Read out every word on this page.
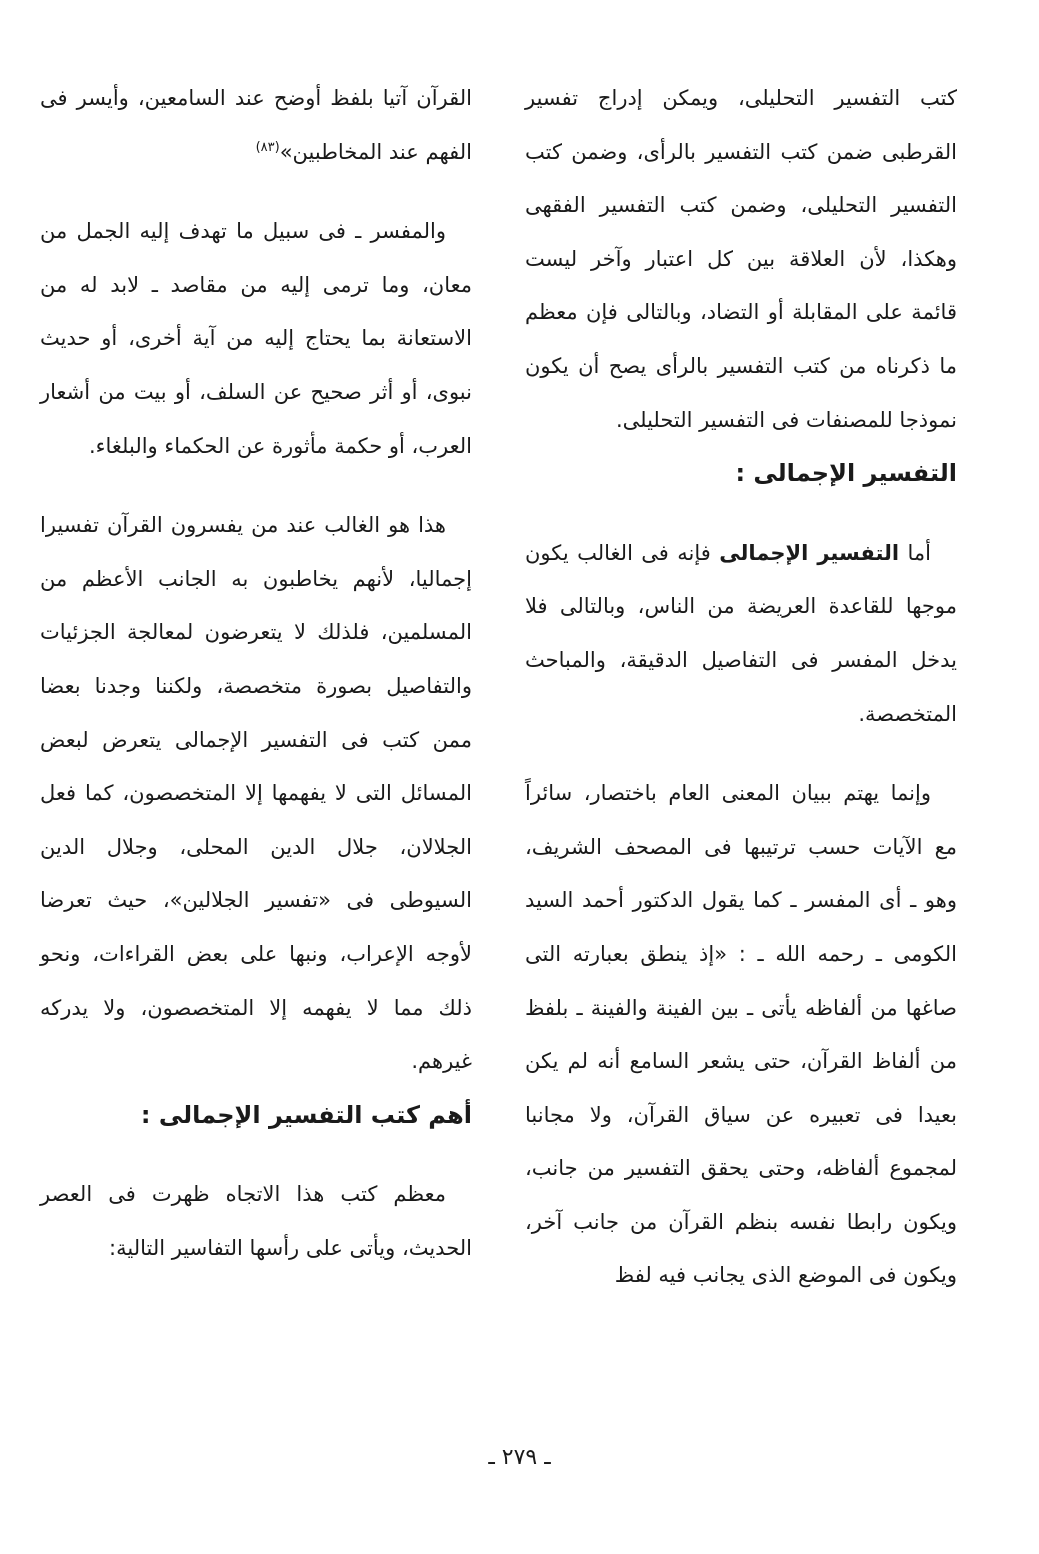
كتب التفسير التحليلى، ويمكن إدراج تفسير القرطبى ضمن كتب التفسير بالرأى، وضمن كتب التفسير التحليلى، وضمن كتب التفسير الفقهى وهكذا، لأن العلاقة بين كل اعتبار وآخر ليست قائمة على المقابلة أو التضاد، وبالتالى فإن معظم ما ذكرناه من كتب التفسير بالرأى يصح أن يكون نموذجا للمصنفات فى التفسير التحليلى.

التفسير الإجمالى :

أما التفسير الإجمالى فإنه فى الغالب يكون موجها للقاعدة العريضة من الناس، وبالتالى فلا يدخل المفسر فى التفاصيل الدقيقة، والمباحث المتخصصة.

وإنما يهتم ببيان المعنى العام باختصار، سائراً مع الآيات حسب ترتيبها فى المصحف الشريف، وهو ـ أى المفسر ـ كما يقول الدكتور أحمد السيد الكومى ـ رحمه الله ـ : «إذ ينطق بعبارته التى صاغها من ألفاظه يأتى ـ بين الفينة والفينة ـ بلفظ من ألفاظ القرآن، حتى يشعر السامع أنه لم يكن بعيدا فى تعبيره عن سياق القرآن، ولا مجانبا لمجموع ألفاظه، وحتى يحقق التفسير من جانب، ويكون رابطا نفسه بنظم القرآن من جانب آخر، ويكون فى الموضع الذى يجانب فيه لفظ

القرآن آتيا بلفظ أوضح عند السامعين، وأيسر فى الفهم عند المخاطبين»$^{(٨٣)}$

والمفسر ـ فى سبيل ما تهدف إليه الجمل من معان، وما ترمى إليه من مقاصد ـ لابد له من الاستعانة بما يحتاج إليه من آية أخرى، أو حديث نبوى، أو أثر صحيح عن السلف، أو بيت من أشعار العرب، أو حكمة مأثورة عن الحكماء والبلغاء.

هذا هو الغالب عند من يفسرون القرآن تفسيرا إجماليا، لأنهم يخاطبون به الجانب الأعظم من المسلمين، فلذلك لا يتعرضون لمعالجة الجزئيات والتفاصيل بصورة متخصصة، ولكننا وجدنا بعضا ممن كتب فى التفسير الإجمالى يتعرض لبعض المسائل التى لا يفهمها إلا المتخصصون، كما فعل الجلالان، جلال الدين المحلى، وجلال الدين السيوطى فى «تفسير الجلالين»، حيث تعرضا لأوجه الإعراب، ونبها على بعض القراءات، ونحو ذلك مما لا يفهمه إلا المتخصصون، ولا يدركه غيرهم.

أهم كتب التفسير الإجمالى :

معظم كتب هذا الاتجاه ظهرت فى العصر الحديث، ويأتى على رأسها التفاسير التالية:

ـ ٢٧٩ ـ
